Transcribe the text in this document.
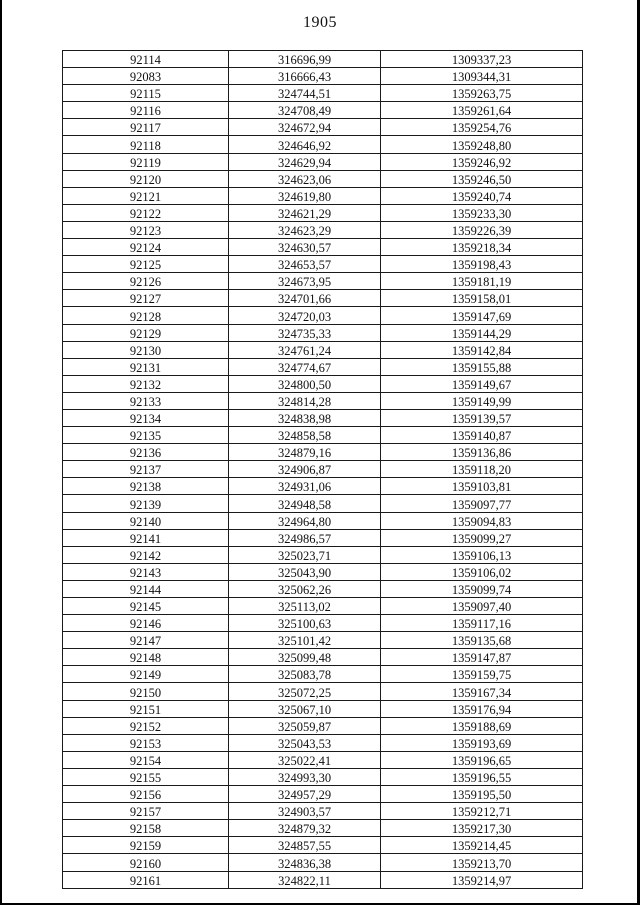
1905
92114	316696,99	1309337,23
92083	316666,43	1309344,31
92115	324744,51	1359263,75
92116	324708,49	1359261,64
92117	324672,94	1359254,76
92118	324646,92	1359248,80
92119	324629,94	1359246,92
92120	324623,06	1359246,50
92121	324619,80	1359240,74
92122	324621,29	1359233,30
92123	324623,29	1359226,39
92124	324630,57	1359218,34
92125	324653,57	1359198,43
92126	324673,95	1359181,19
92127	324701,66	1359158,01
92128	324720,03	1359147,69
92129	324735,33	1359144,29
92130	324761,24	1359142,84
92131	324774,67	1359155,88
92132	324800,50	1359149,67
92133	324814,28	1359149,99
92134	324838,98	1359139,57
92135	324858,58	1359140,87
92136	324879,16	1359136,86
92137	324906,87	1359118,20
92138	324931,06	1359103,81
92139	324948,58	1359097,77
92140	324964,80	1359094,83
92141	324986,57	1359099,27
92142	325023,71	1359106,13
92143	325043,90	1359106,02
92144	325062,26	1359099,74
92145	325113,02	1359097,40
92146	325100,63	1359117,16
92147	325101,42	1359135,68
92148	325099,48	1359147,87
92149	325083,78	1359159,75
92150	325072,25	1359167,34
92151	325067,10	1359176,94
92152	325059,87	1359188,69
92153	325043,53	1359193,69
92154	325022,41	1359196,65
92155	324993,30	1359196,55
92156	324957,29	1359195,50
92157	324903,57	1359212,71
92158	324879,32	1359217,30
92159	324857,55	1359214,45
92160	324836,38	1359213,70
92161	324822,11	1359214,97
